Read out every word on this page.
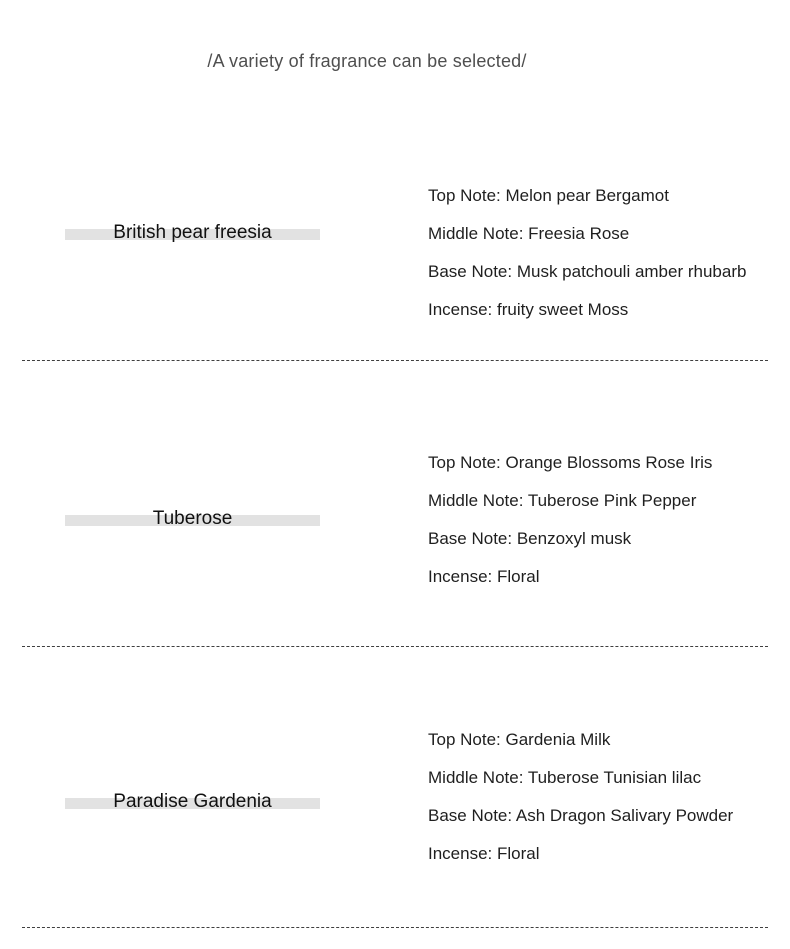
/A variety of fragrance can be selected/
British pear freesia

Top Note: Melon pear Bergamot

Middle Note: Freesia Rose

Base Note: Musk patchouli amber rhubarb

Incense: fruity sweet Moss

Tuberose

Top Note: Orange Blossoms Rose Iris

Middle Note: Tuberose Pink Pepper

Base Note: Benzoxyl musk

Incense: Floral

Paradise Gardenia

Top Note: Gardenia Milk

Middle Note: Tuberose Tunisian lilac

Base Note: Ash Dragon Salivary Powder

Incense: Floral
